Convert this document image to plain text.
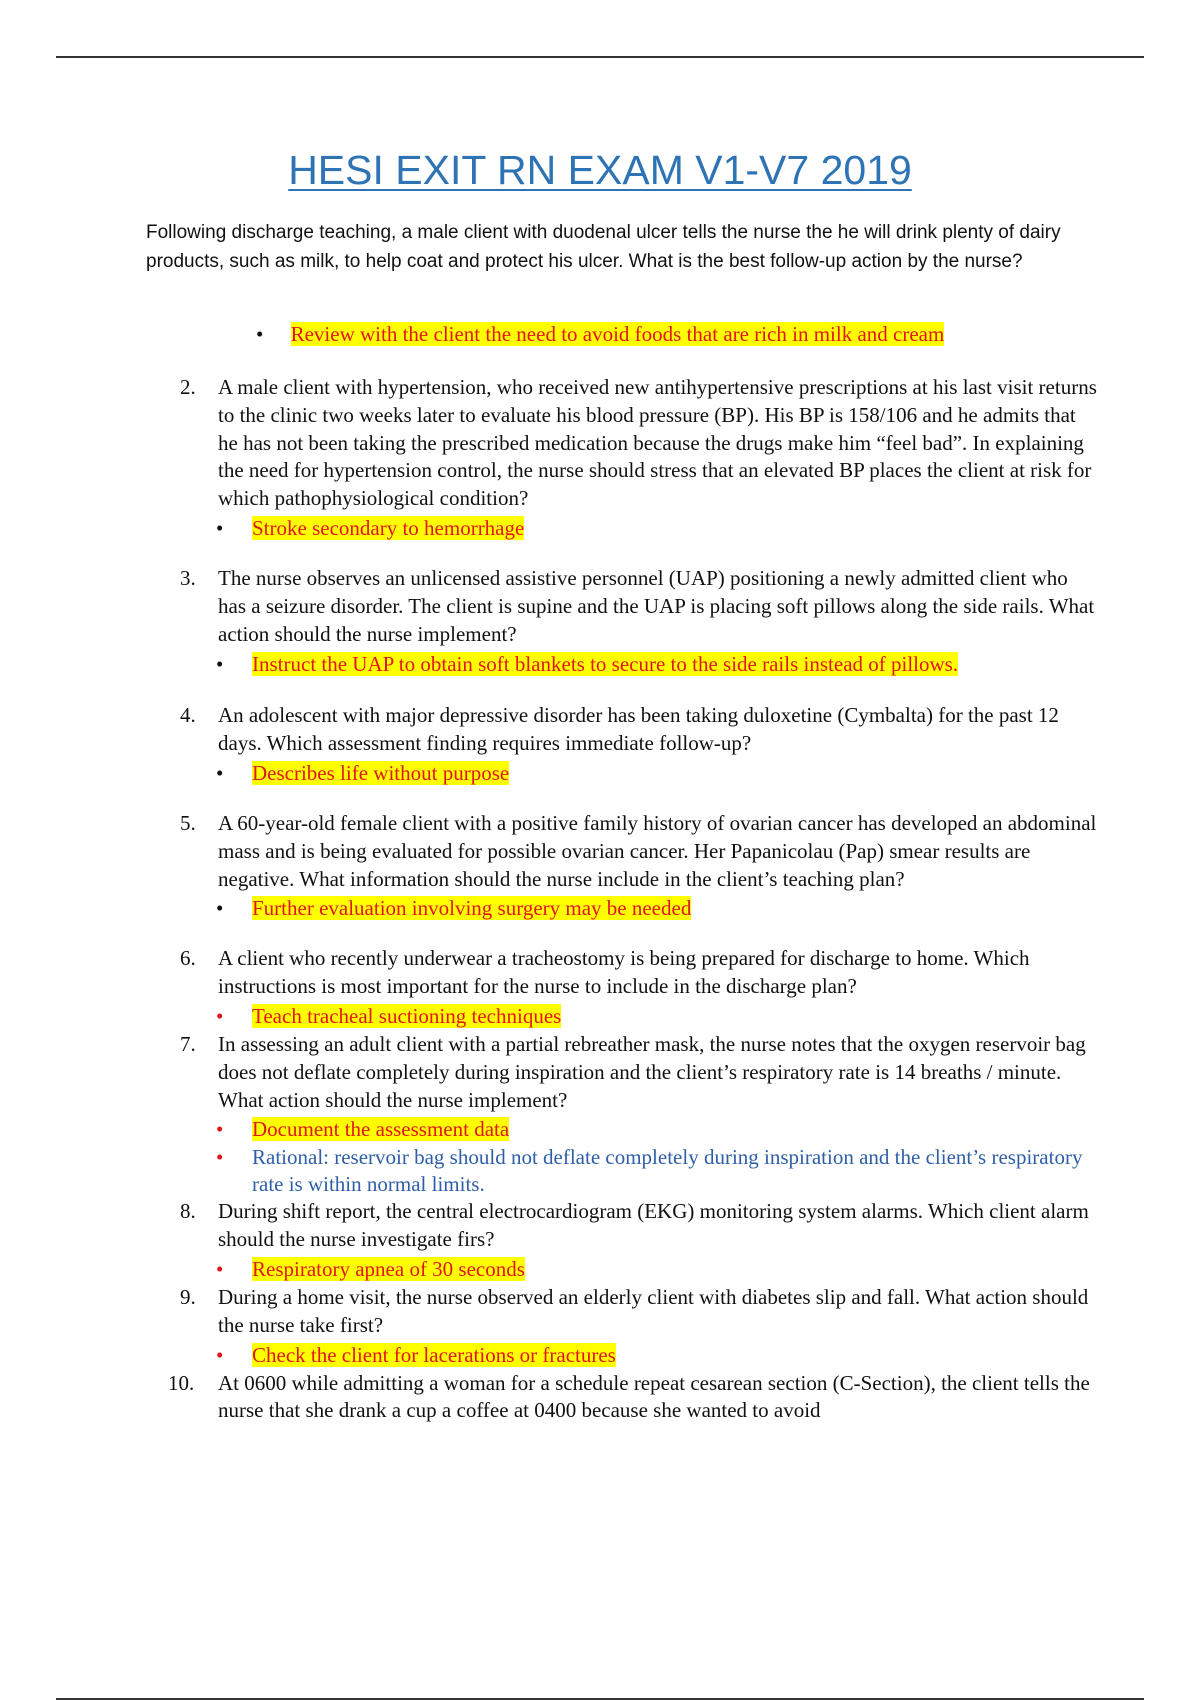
HESI EXIT RN EXAM V1-V7 2019
Following discharge teaching, a male client with duodenal ulcer tells the nurse the he will drink plenty of dairy products, such as milk, to help coat and protect his ulcer. What is the best follow-up action by the nurse?
• Review with the client the need to avoid foods that are rich in milk and cream
2. A male client with hypertension, who received new antihypertensive prescriptions at his last visit returns to the clinic two weeks later to evaluate his blood pressure (BP). His BP is 158/106 and he admits that he has not been taking the prescribed medication because the drugs make him “feel bad”. In explaining the need for hypertension control, the nurse should stress that an elevated BP places the client at risk for which pathophysiological condition?
• Stroke secondary to hemorrhage
3. The nurse observes an unlicensed assistive personnel (UAP) positioning a newly admitted client who has a seizure disorder. The client is supine and the UAP is placing soft pillows along the side rails. What action should the nurse implement?
• Instruct the UAP to obtain soft blankets to secure to the side rails instead of pillows.
4. An adolescent with major depressive disorder has been taking duloxetine (Cymbalta) for the past 12 days. Which assessment finding requires immediate follow-up?
• Describes life without purpose
5. A 60-year-old female client with a positive family history of ovarian cancer has developed an abdominal mass and is being evaluated for possible ovarian cancer. Her Papanicolau (Pap) smear results are negative. What information should the nurse include in the client’s teaching plan?
• Further evaluation involving surgery may be needed
6. A client who recently underwear a tracheostomy is being prepared for discharge to home. Which instructions is most important for the nurse to include in the discharge plan?
• Teach tracheal suctioning techniques
7. In assessing an adult client with a partial rebreather mask, the nurse notes that the oxygen reservoir bag does not deflate completely during inspiration and the client’s respiratory rate is 14 breaths / minute. What action should the nurse implement?
• Document the assessment data
• Rational: reservoir bag should not deflate completely during inspiration and the client’s respiratory rate is within normal limits.
8. During shift report, the central electrocardiogram (EKG) monitoring system alarms. Which client alarm should the nurse investigate firs?
• Respiratory apnea of 30 seconds
9. During a home visit, the nurse observed an elderly client with diabetes slip and fall. What action should the nurse take first?
• Check the client for lacerations or fractures
10. At 0600 while admitting a woman for a schedule repeat cesarean section (C-Section), the client tells the nurse that she drank a cup a coffee at 0400 because she wanted to avoid
